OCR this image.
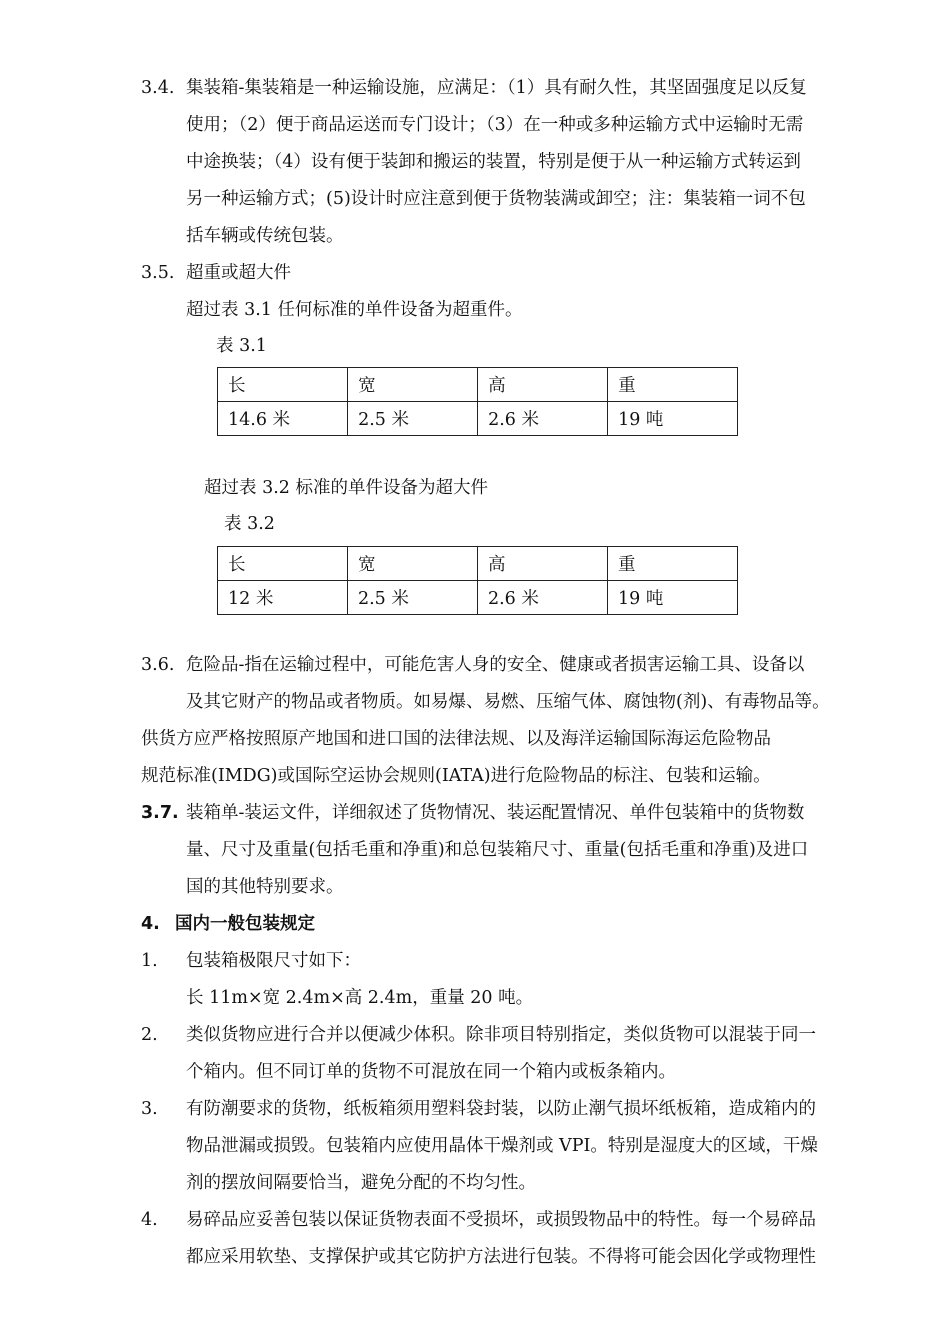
3.4. 集装箱-集装箱是一种运输设施，应满足：（1）具有耐久性，其坚固强度足以反复
使用；（2）便于商品运送而专门设计；（3）在一种或多种运输方式中运输时无需
中途换装；（4）设有便于装卸和搬运的装置，特别是便于从一种运输方式转运到
另一种运输方式；(5)设计时应注意到便于货物装满或卸空；注：集装箱一词不包
括车辆或传统包装。
3.5. 超重或超大件
超过表 3.1 任何标准的单件设备为超重件。
表 3.1
长	宽	高	重
14.6 米	2.5 米	2.6 米	19 吨
超过表 3.2 标准的单件设备为超大件
表 3.2
长	宽	高	重
12 米	2.5 米	2.6 米	19 吨
3.6. 危险品-指在运输过程中，可能危害人身的安全、健康或者损害运输工具、设备以
及其它财产的物品或者物质。如易爆、易燃、压缩气体、腐蚀物(剂)、有毒物品等。
供货方应严格按照原产地国和进口国的法律法规、以及海洋运输国际海运危险物品
规范标准(IMDG)或国际空运协会规则(IATA)进行危险物品的标注、包装和运输。
3.7. 装箱单-装运文件，详细叙述了货物情况、装运配置情况、单件包装箱中的货物数
量、尺寸及重量(包括毛重和净重)和总包装箱尺寸、重量(包括毛重和净重)及进口
国的其他特别要求。
4. 国内一般包装规定
1. 包装箱极限尺寸如下：
长 11m×宽 2.4m×高 2.4m，重量 20 吨。
2. 类似货物应进行合并以便减少体积。除非项目特别指定，类似货物可以混装于同一
个箱内。但不同订单的货物不可混放在同一个箱内或板条箱内。
3. 有防潮要求的货物，纸板箱须用塑料袋封装，以防止潮气损坏纸板箱，造成箱内的
物品泄漏或损毁。包装箱内应使用晶体干燥剂或 VPI。特别是湿度大的区域，干燥
剂的摆放间隔要恰当，避免分配的不均匀性。
4. 易碎品应妥善包装以保证货物表面不受损坏，或损毁物品中的特性。每一个易碎品
都应采用软垫、支撑保护或其它防护方法进行包装。不得将可能会因化学或物理性
